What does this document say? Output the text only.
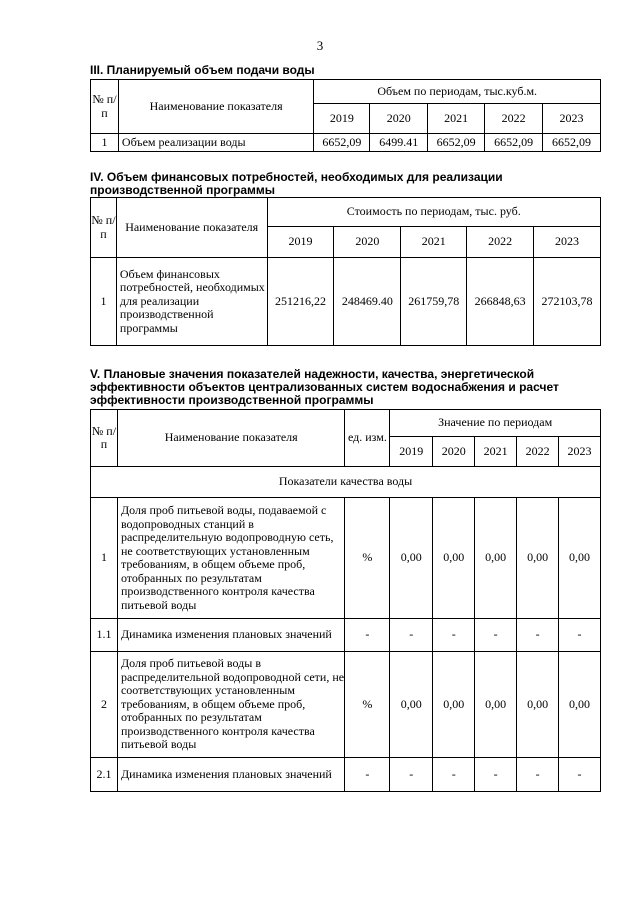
3
III. Планируемый объем подачи воды
№ п/п	Наименование показателя	Объем по периодам, тыс.куб.м.				
		2019	2020	2021	2022	2023
1	Объем реализации воды	6652,09	6499.41	6652,09	6652,09	6652,09
IV. Объем финансовых потребностей, необходимых для реализации
производственной программы
№ п/п	Наименование показателя	Стоимость по периодам, тыс. руб.				
		2019	2020	2021	2022	2023
1	Объем финансовых потребностей, необходимых для реализации производственной программы	251216,22	248469.40	261759,78	266848,63	272103,78
V. Плановые значения показателей надежности, качества, энергетической
эффективности объектов централизованных систем водоснабжения и расчет
эффективности производственной программы
№ п/п	Наименование показателя	ед. изм.	Значение по периодам				
			2019	2020	2021	2022	2023
Показатели качества воды							
1	Доля проб питьевой воды, подаваемой с водопроводных станций в распределительную водопроводную сеть, не соответствующих установленным требованиям, в общем объеме проб, отобранных по результатам производственного контроля качества питьевой воды	%	0,00	0,00	0,00	0,00	0,00
1.1	Динамика изменения плановых значений	-	-	-	-	-	-
2	Доля проб питьевой воды в распределительной водопроводной сети, не соответствующих установленным требованиям, в общем объеме проб, отобранных по результатам производственного контроля качества питьевой воды	%	0,00	0,00	0,00	0,00	0,00
2.1	Динамика изменения плановых значений	-	-	-	-	-	-
